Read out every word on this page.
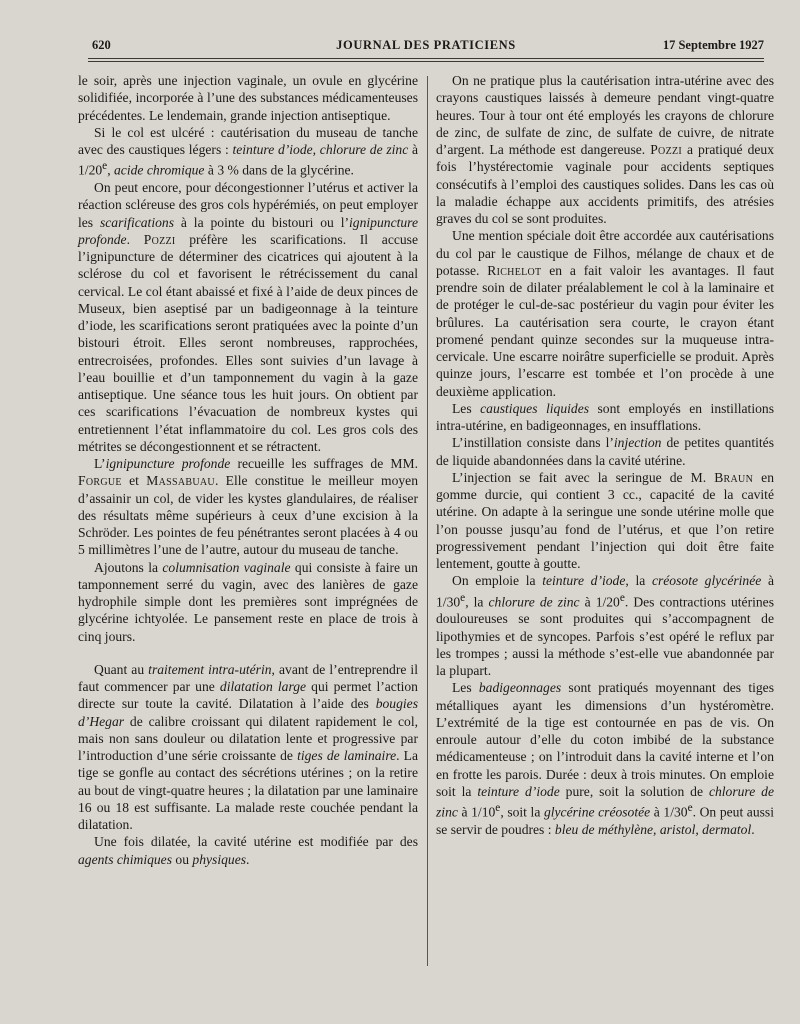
620	JOURNAL DES PRATICIENS	17 Septembre 1927

le soir, après une injection vaginale, un ovule en glycérine solidifiée, incorporée à l’une des substances médicamenteuses précédentes. Le lendemain, grande injection antiseptique.

Si le col est ulcéré : cautérisation du museau de tanche avec des caustiques légers : teinture d’iode, chlorure de zinc à 1/20e, acide chromique à 3 % dans de la glycérine.

On peut encore, pour décongestionner l’utérus et activer la réaction scléreuse des gros cols hypérémiés, on peut employer les scarifications à la pointe du bistouri ou l’ignipuncture profonde. Pozzi préfère les scarifications. Il accuse l’ignipuncture de déterminer des cicatrices qui ajoutent à la sclérose du col et favorisent le rétrécissement du canal cervical. Le col étant abaissé et fixé à l’aide de deux pinces de Museux, bien aseptisé par un badigeonnage à la teinture d’iode, les scarifications seront pratiquées avec la pointe d’un bistouri étroit. Elles seront nombreuses, rapprochées, entrecroisées, profondes. Elles sont suivies d’un lavage à l’eau bouillie et d’un tamponnement du vagin à la gaze antiseptique. Une séance tous les huit jours. On obtient par ces scarifications l’évacuation de nombreux kystes qui entretiennent l’état inflammatoire du col. Les gros cols des métrites se décongestionnent et se rétractent.

L’ignipuncture profonde recueille les suffrages de MM. Forgue et Massabuau. Elle constitue le meilleur moyen d’assainir un col, de vider les kystes glandulaires, de réaliser des résultats même supérieurs à ceux d’une excision à la Schröder. Les pointes de feu pénétrantes seront placées à 4 ou 5 millimètres l’une de l’autre, autour du museau de tanche.

Ajoutons la columnisation vaginale qui consiste à faire un tamponnement serré du vagin, avec des lanières de gaze hydrophile simple dont les premières sont imprégnées de glycérine ichtyolée. Le pansement reste en place de trois à cinq jours.

Quant au traitement intra-utérin, avant de l’entreprendre il faut commencer par une dilatation large qui permet l’action directe sur toute la cavité. Dilatation à l’aide des bougies d’Hegar de calibre croissant qui dilatent rapidement le col, mais non sans douleur ou dilatation lente et progressive par l’introduction d’une série croissante de tiges de laminaire. La tige se gonfle au contact des sécrétions utérines ; on la retire au bout de vingt-quatre heures ; la dilatation par une laminaire 16 ou 18 est suffisante. La malade reste couchée pendant la dilatation.

Une fois dilatée, la cavité utérine est modifiée par des agents chimiques ou physiques.

On ne pratique plus la cautérisation intra-utérine avec des crayons caustiques laissés à demeure pendant vingt-quatre heures. Tour à tour ont été employés les crayons de chlorure de zinc, de sulfate de zinc, de sulfate de cuivre, de nitrate d’argent. La méthode est dangereuse. Pozzi a pratiqué deux fois l’hystérectomie vaginale pour accidents septiques consécutifs à l’emploi des caustiques solides. Dans les cas où la maladie échappe aux accidents primitifs, des atrésies graves du col se sont produites.

Une mention spéciale doit être accordée aux cautérisations du col par le caustique de Filhos, mélange de chaux et de potasse. Richelot en a fait valoir les avantages. Il faut prendre soin de dilater préalablement le col à la laminaire et de protéger le cul-de-sac postérieur du vagin pour éviter les brûlures. La cautérisation sera courte, le crayon étant promené pendant quinze secondes sur la muqueuse intra-cervicale. Une escarre noirâtre superficielle se produit. Après quinze jours, l’escarre est tombée et l’on procède à une deuxième application.

Les caustiques liquides sont employés en instillations intra-utérine, en badigeonnages, en insufflations.

L’instillation consiste dans l’injection de petites quantités de liquide abandonnées dans la cavité utérine.

L’injection se fait avec la seringue de M. Braun en gomme durcie, qui contient 3 cc., capacité de la cavité utérine. On adapte à la seringue une sonde utérine molle que l’on pousse jusqu’au fond de l’utérus, et que l’on retire progressivement pendant l’injection qui doit être faite lentement, goutte à goutte.

On emploie la teinture d’iode, la créosote glycérinée à 1/30e, la chlorure de zinc à 1/20e. Des contractions utérines douloureuses se sont produites qui s’accompagnent de lipothymies et de syncopes. Parfois s’est opéré le reflux par les trompes ; aussi la méthode s’est-elle vue abandonnée par la plupart.

Les badigeonnages sont pratiqués moyennant des tiges métalliques ayant les dimensions d’un hystéromètre. L’extrémité de la tige est contournée en pas de vis. On enroule autour d’elle du coton imbibé de la substance médicamenteuse ; on l’introduit dans la cavité interne et l’on en frotte les parois. Durée : deux à trois minutes. On emploie soit la teinture d’iode pure, soit la solution de chlorure de zinc à 1/10e, soit la glycérine créosotée à 1/30e. On peut aussi se servir de poudres : bleu de méthylène, aristol, dermatol.
